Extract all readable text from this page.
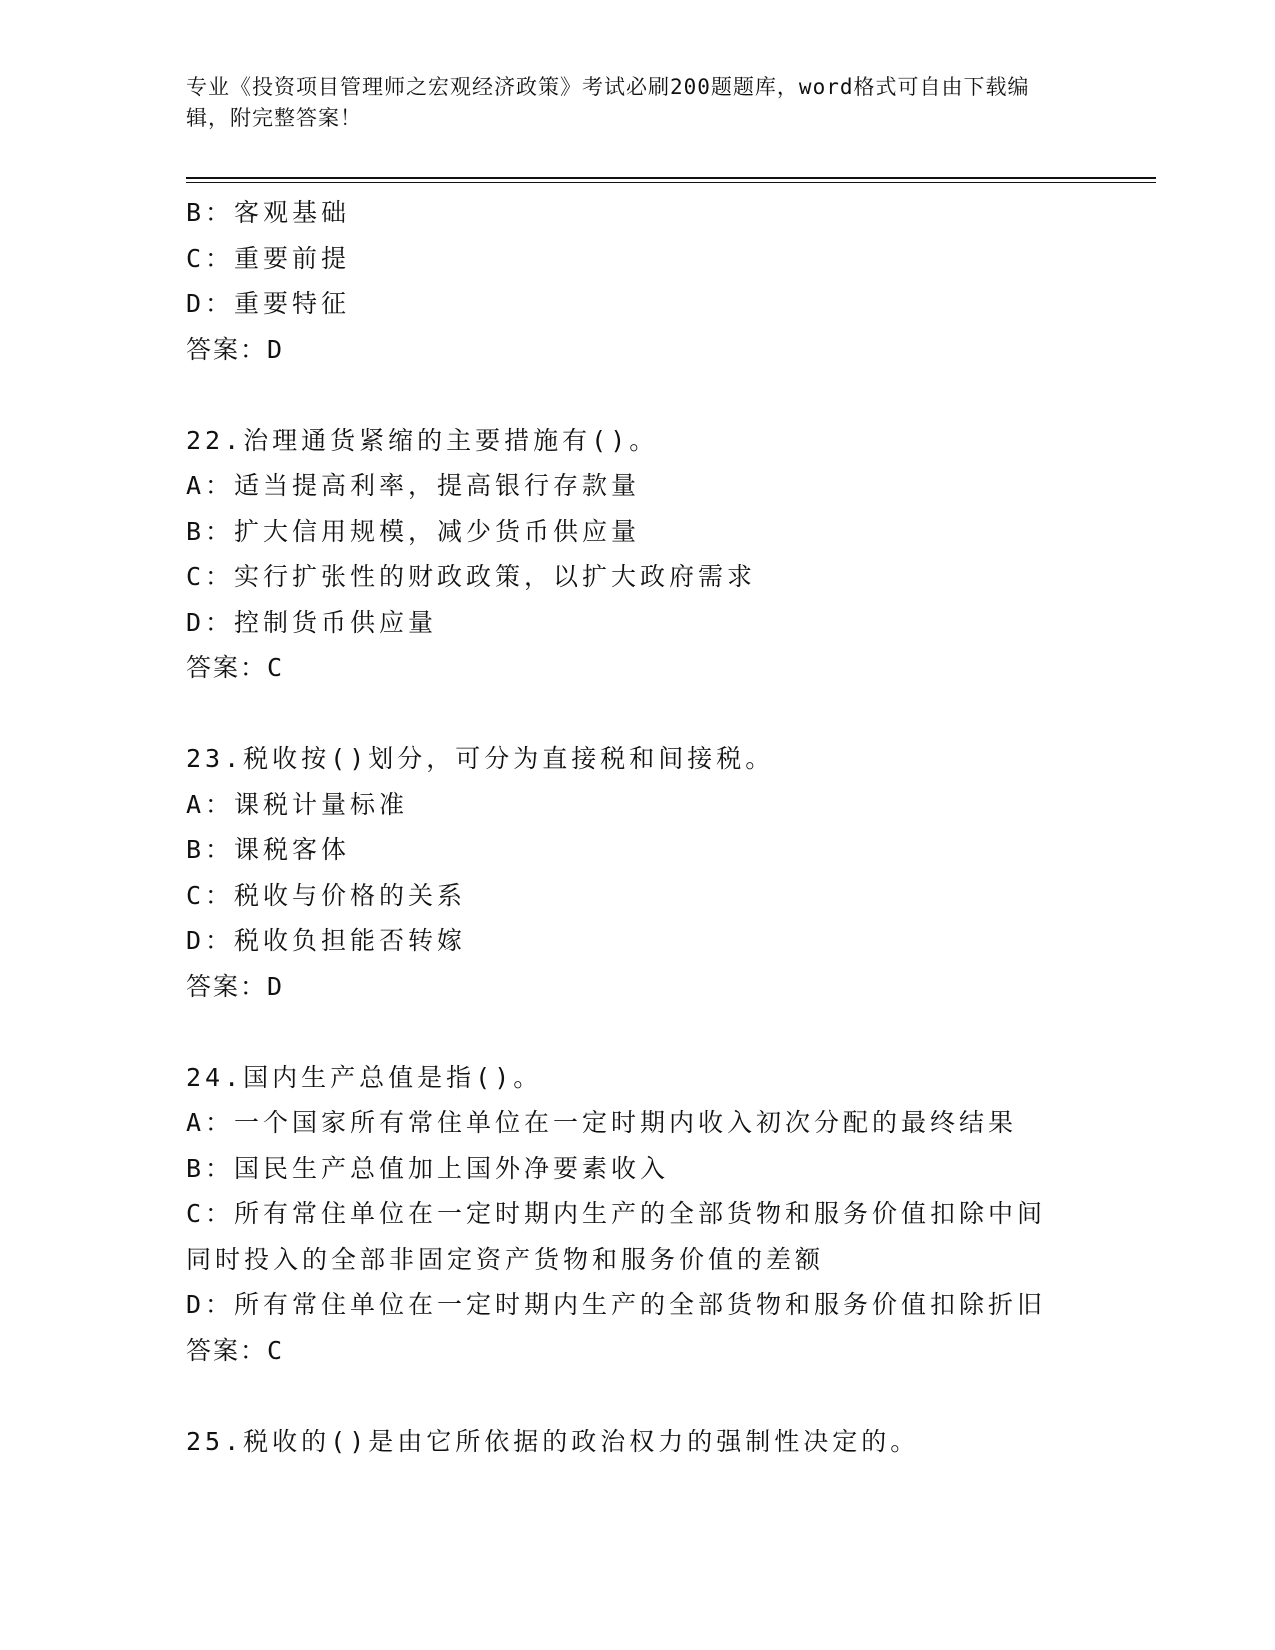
专业《投资项目管理师之宏观经济政策》考试必刷200题题库，word格式可自由下载编辑，附完整答案！
B：客观基础
C：重要前提
D：重要特征
答案：D
22.治理通货紧缩的主要措施有()。
A：适当提高利率，提高银行存款量
B：扩大信用规模，减少货币供应量
C：实行扩张性的财政政策，以扩大政府需求
D：控制货币供应量
答案：C
23.税收按()划分，可分为直接税和间接税。
A：课税计量标准
B：课税客体
C：税收与价格的关系
D：税收负担能否转嫁
答案：D
24.国内生产总值是指()。
A：一个国家所有常住单位在一定时期内收入初次分配的最终结果
B：国民生产总值加上国外净要素收入
C：所有常住单位在一定时期内生产的全部货物和服务价值扣除中间同时投入的全部非固定资产货物和服务价值的差额
D：所有常住单位在一定时期内生产的全部货物和服务价值扣除折旧
答案：C
25.税收的()是由它所依据的政治权力的强制性决定的。
